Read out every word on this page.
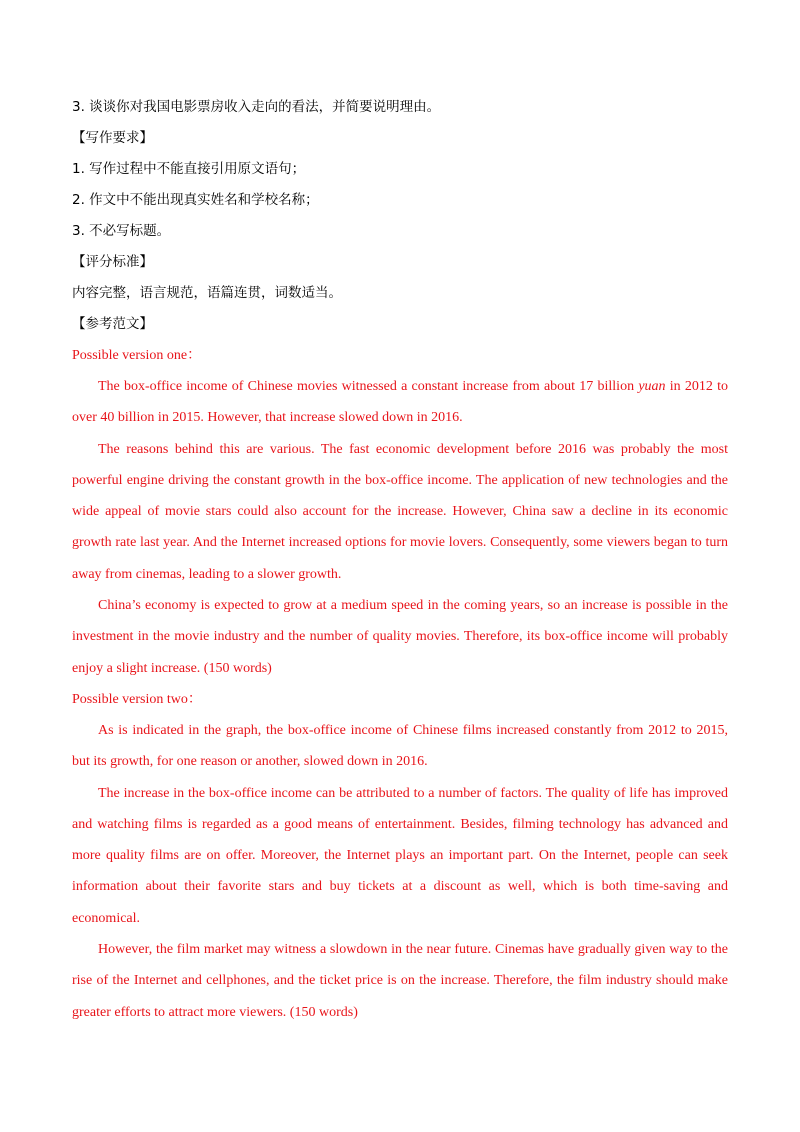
3. 谈谈你对我国电影票房收入走向的看法，并简要说明理由。
【写作要求】
1. 写作过程中不能直接引用原文语句；
2. 作文中不能出现真实姓名和学校名称；
3. 不必写标题。
【评分标准】
内容完整，语言规范，语篇连贯，词数适当。
【参考范文】
Possible version one：

The box-office income of Chinese movies witnessed a constant increase from about 17 billion yuan in 2012 to over 40 billion in 2015. However, that increase slowed down in 2016.

The reasons behind this are various. The fast economic development before 2016 was probably the most powerful engine driving the constant growth in the box-office income. The application of new technologies and the wide appeal of movie stars could also account for the increase. However, China saw a decline in its economic growth rate last year. And the Internet increased options for movie lovers. Consequently, some viewers began to turn away from cinemas, leading to a slower growth.

China’s economy is expected to grow at a medium speed in the coming years, so an increase is possible in the investment in the movie industry and the number of quality movies. Therefore, its box-office income will probably enjoy a slight increase. (150 words)

Possible version two：

As is indicated in the graph, the box-office income of Chinese films increased constantly from 2012 to 2015, but its growth, for one reason or another, slowed down in 2016.

The increase in the box-office income can be attributed to a number of factors. The quality of life has improved and watching films is regarded as a good means of entertainment. Besides, filming technology has advanced and more quality films are on offer. Moreover, the Internet plays an important part. On the Internet, people can seek information about their favorite stars and buy tickets at a discount as well, which is both time-saving and economical.

However, the film market may witness a slowdown in the near future. Cinemas have gradually given way to the rise of the Internet and cellphones, and the ticket price is on the increase. Therefore, the film industry should make greater efforts to attract more viewers. (150 words)
